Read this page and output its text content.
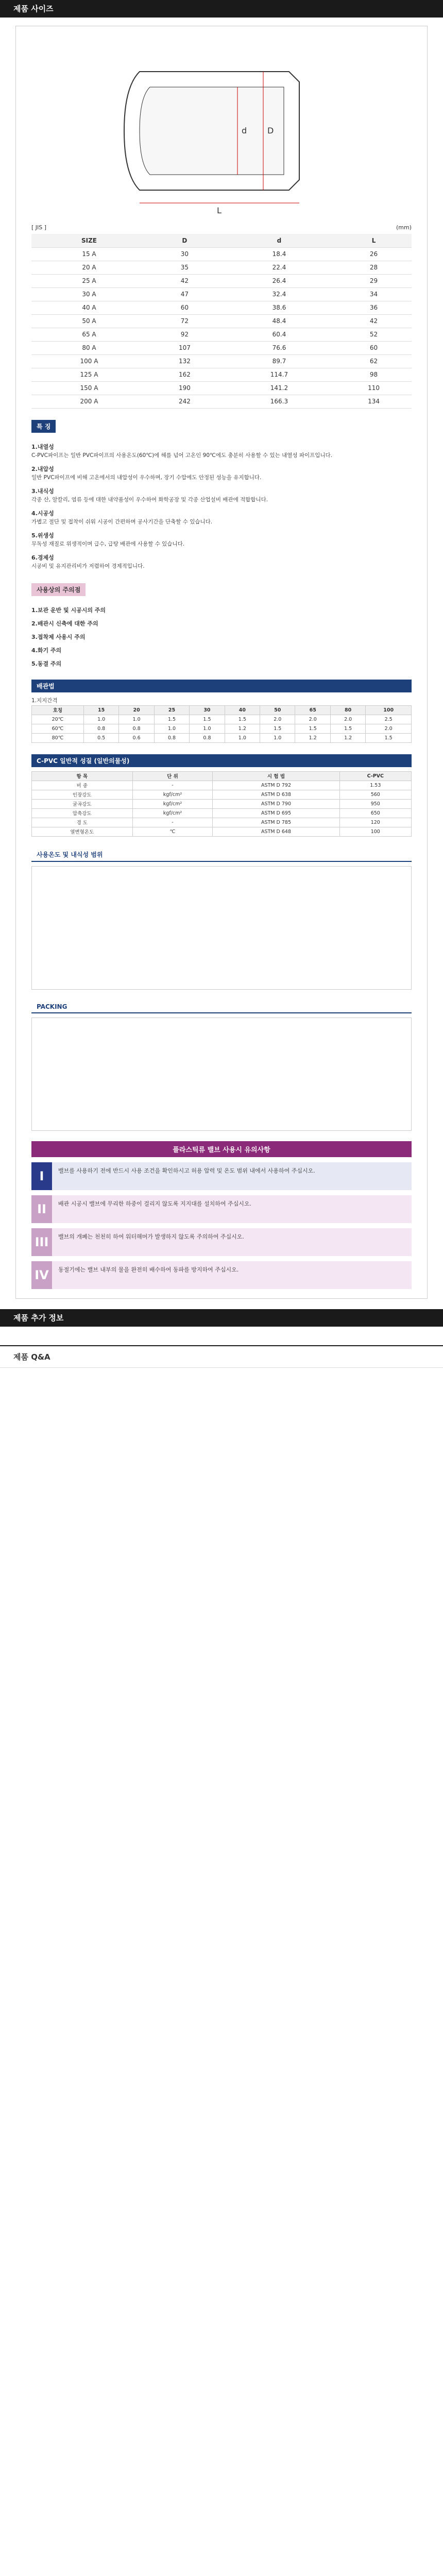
제품 사이즈
d D
L
[ JIS ]	(mm)
SIZE	D	d	L
15 A	30	18.4	26
20 A	35	22.4	28
25 A	42	26.4	29
30 A	47	32.4	34
40 A	60	38.6	36
50 A	72	48.4	42
65 A	92	60.4	52
80 A	107	76.6	60
100 A	132	89.7	62
125 A	162	114.7	98
150 A	190	141.2	110
200 A	242	166.3	134
특 징
1.내열성
C-PVC파이프는 일반 PVC파이프의 사용온도(60℃)에 해를 넘어 고온인 90℃에도 충분히 사용할 수 있는 내열성 파이프입니다.
2.내압성
일반 PVC파이프에 비해 고온에서의 내압성이 우수하며, 장기 수압에도 안정된 성능을 유지합니다.
3.내식성
각종 산, 알칼리, 염류 등에 대한 내약품성이 우수하여 화학공장 및 각종 산업설비 배관에 적합합니다.
4.시공성
가볍고 절단 및 접착이 쉬워 시공이 간편하며 공사기간을 단축할 수 있습니다.
5.위생성
무독성 재질로 위생적이며 급수, 급탕 배관에 사용할 수 있습니다.
6.경제성
시공비 및 유지관리비가 저렴하여 경제적입니다.
사용상의 주의점
1.보관 운반 및 시공시의 주의
2.배관시 신축에 대한 주의
3.접착제 사용시 주의
4.화기 주의
5.동결 주의
배관법
1.지지간격
호칭	15	20	25	30	40	50	65	80	100
20℃	1.0	1.0	1.5	1.5	1.5	2.0	2.0	2.0	2.5
60℃	0.8	0.8	1.0	1.0	1.2	1.5	1.5	1.5	2.0
80℃	0.5	0.6	0.8	0.8	1.0	1.0	1.2	1.2	1.5
C-PVC 일반적 성질 (일반의물성)
항 목	단 위	시 험 법	C-PVC
비 중	-	ASTM D 792	1.53
인장강도	kgf/cm²	ASTM D 638	560
굴곡강도	kgf/cm²	ASTM D 790	950
압축강도	kgf/cm²	ASTM D 695	650
경 도	-	ASTM D 785	120
열변형온도	℃	ASTM D 648	100
사용온도 및 내식성 범위
PACKING
플라스틱류 밸브 사용시 유의사항
I	밸브를 사용하기 전에 반드시 사용 조건을 확인하시고 허용 압력 및 온도 범위 내에서 사용하여 주십시오.
II	배관 시공시 밸브에 무리한 하중이 걸리지 않도록 지지대를 설치하여 주십시오.
III	밸브의 개폐는 천천히 하여 워터해머가 발생하지 않도록 주의하여 주십시오.
IV	동절기에는 밸브 내부의 물을 완전히 배수하여 동파를 방지하여 주십시오.
제품 추가 정보
제품 Q&A
